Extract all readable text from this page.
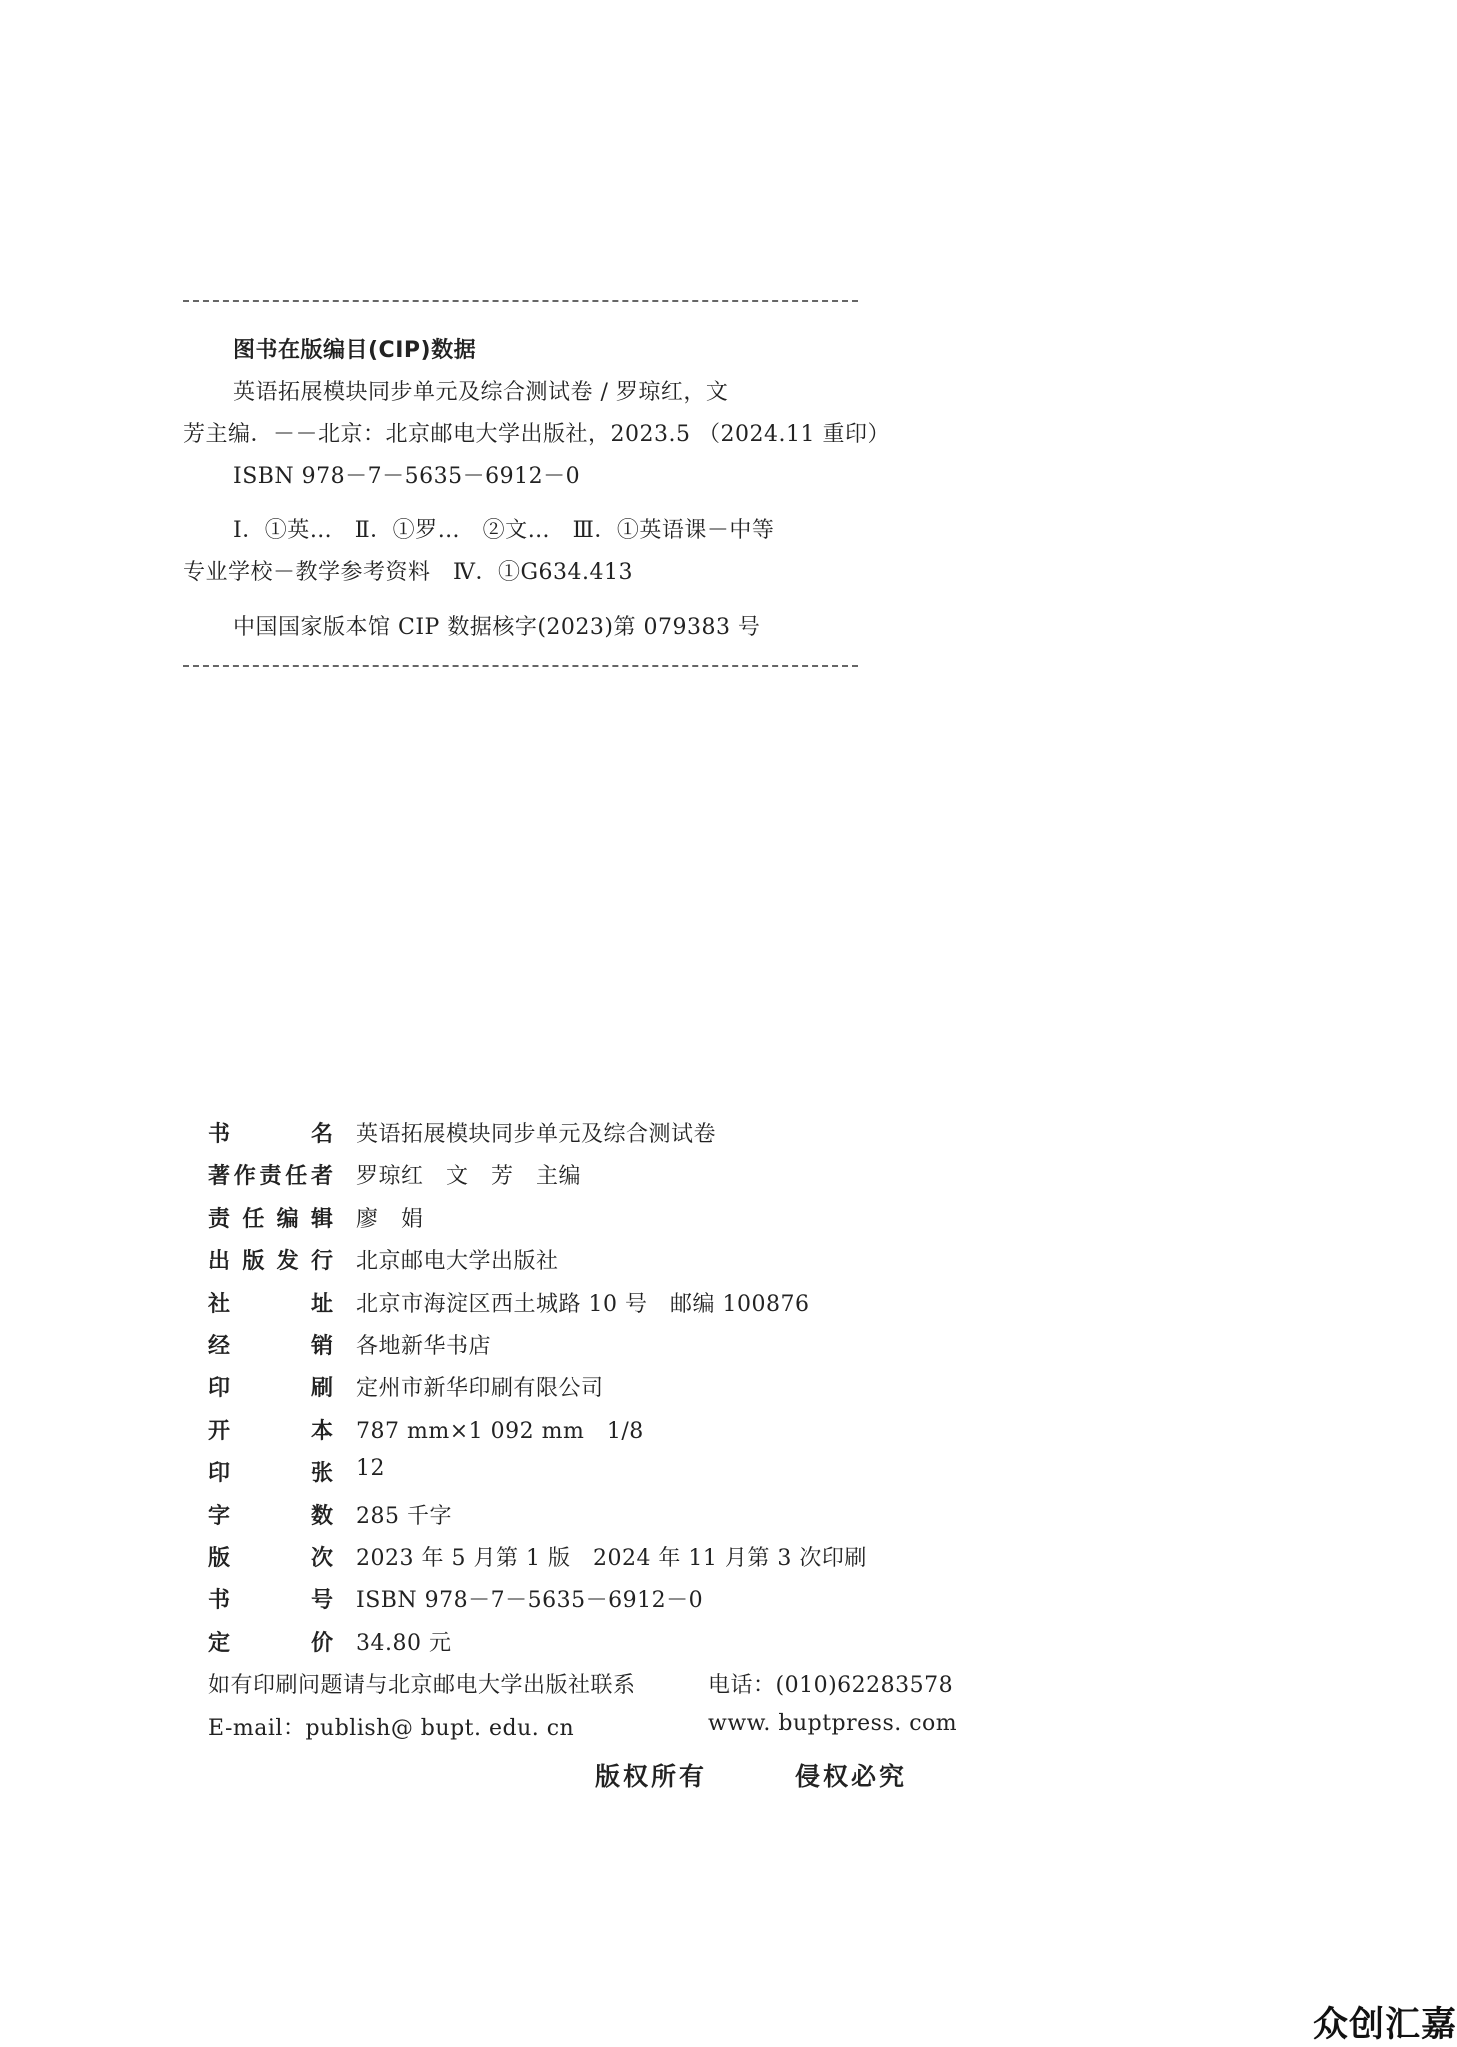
图书在版编目(CIP)数据
英语拓展模块同步单元及综合测试卷 / 罗琼红，文
芳主编．－－北京：北京邮电大学出版社，2023.5 （2024.11 重印）
ISBN 978－7－5635－6912－0
Ⅰ．①英…　Ⅱ．①罗…　②文…　Ⅲ．①英语课－中等
专业学校－教学参考资料　Ⅳ．①G634.413
中国国家版本馆 CIP 数据核字(2023)第 079383 号
书	名 英语拓展模块同步单元及综合测试卷
著 作 责 任 者 罗琼红　文　芳　主编
责 任 编 辑 廖　娟
出 版 发 行 北京邮电大学出版社
社	址 北京市海淀区西土城路 10 号　邮编 100876
经	销 各地新华书店
印	刷 定州市新华印刷有限公司
开	本 787 mm×1 092 mm　1/8
印	张 12
字	数 285 千字
版	次 2023 年 5 月第 1 版　2024 年 11 月第 3 次印刷
书	号 ISBN 978－7－5635－6912－0
定	价 34.80 元
如有印刷问题请与北京邮电大学出版社联系	电话：(010)62283578
E-mail：publish@ bupt. edu. cn	www. buptpress. com
版权所有	侵权必究
众创汇嘉
